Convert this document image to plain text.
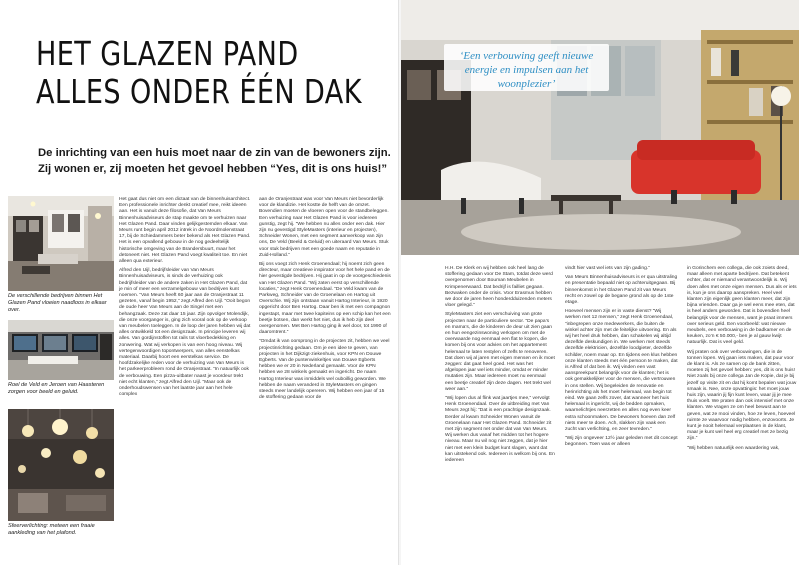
HET GLAZEN PAND
ALLES ONDER ÉÉN DAK

De inrichting van een huis moet naar de zin van de bewoners zijn. Zij wonen er, zij moeten het gevoel hebben “Yes, dit is ons huis!”

De verschillende bedrijven binnen Het Glazen Pand vloeien naadloos in elkaar over.
Roel de Veld en Jeroen van Haasteren zorgen voor beeld en geluid.
Sfeerverlichting: meteen een fraaie aankleding van het plafond.

Het gaat dus niet om een dictaat van de binnenhuisarchitect. Een professionele inrichter denkt creatief mee, reikt ideeën aan. Het is vanuit deze filosofie, dat Van Meurs Binnenhuisadviseurs de stap maakte om te verhuizen naar Het Glazen Pand. Daar vinden gelijkgestemden elkaar. Van Meurs runt begin april 2012 intrek in de Noordmolenstraat 17, bij de Schiedammers beter bekend als Het Glazen Pand. Het is een opvallend gebouw in de nog gedeeltelijk historische omgeving van de Brandersbuurt, maar het detoneert niet. Het Glazen Pand voegt kwaliteit toe. En niet alleen qua exterieur.

Alfred den Uijl, bedrijfsleider van Van Meurs Binnenhuisadviseurs, is sinds de verhuizing ook bedrijfsleider van de andere zaken in Het Glazen Pand, dat je min of meer een verzamelgebouw van bedrijven kunt noemen. “Van Meurs heeft 60 jaar aan de Oranjestraat 11 gezeten, vanaf begin 1952,” zegt Alfred den Uijl. “Ooit begon de oude heer Van Meurs aan de Singel met een behangzaak. Deze zat daar 15 jaar. Zijn opvolger Molendijk, die onze voorganger is, ging zich vooral ook op de verkoop van meubelen toeleggen. In de loop der jaren hebben wij dat alles ontwikkeld tot een designzaak. In principe leveren wij alles. Van gordijnstoffen tot rails tot vloerbedekking en zonwering. Wat wij verkopen is van een hoog niveau. Wij vertegenwoordigen topontwerpers, van alles eenstelkas materiaal. Daarbij hoort een eerstelkas service. De hoofdzakelijke reden voor de verhuizing van Van Meurs is het parkeerprobleem rond de Oranjestraat. “In natuurlijk ook de verbouwing. Een pizza-uitbater naast je voordeur trekt niet echt klanten,” zegt Alfred den Uijl. “Maar ook de onderhoudswensen van het laatste jaar aan het hele complex

aan de Oranjestraat was voor Van Meurs niet bevorderlijk voor de klandizie. Het kostte de helft van de omzet. Bovendien moeten de vloeren open voor de standbeleggen. Een verhuizing naar Het Glazen Pand is voor iedereen gunstig, zegt hij. “We hebben nu alles onder een dak. Hier zijn nu gevestigd StyleMasters (interieur en projecten), Schneider Wonen, met een segment aanverkoop van zijn ons, De Veld (Beeld & Geluid) en uiteraard Van Meurs. Stuk voor stuk bedrijven met een goede naam en reputatie in Zuid-Holland.”

Bij ons voegt zich Henk Groenendaal; hij noemt zich geen directeur, maar creatieve inspirator voor het hele pand en de hier gevestigde bedrijven. Hij gaat in op de voorgeschiedenis van Het Glazen Pand. “Wij zaten eerst op verschillende locaties,” zegt Henk Groenendaal. “De Veld kwam van de Parkweg, Schneider van de Groenelaan en Hartog uit Overschie. Wij zijn ontstaan vanuit Hartog Interieur, in 1920 opgericht door Ben Hartog. Daar ben ik met een compagnon ingestapt, maar met twee kapiteins op een schip kan het een beetje botsen, dan werkt het niet, dus ik heb zijn deel overgenomen. Met Ben Hartog ging ik wel door, tot 1990 of daaromtrent.”

“Omdat ik van oorsprong in de projecten zit, hebben we veel projectinrichting gedaan. Om je een idee te geven, van projecten in het Dijkzigt-ziekenhuis, voor KPN en Douwe Egberts. Van de puntenwinkeltjes van Douwe Egberts hebben we er 20 in Nederland gemaakt. Voor de KPN hebben we 28 winkels gemaakt en ingericht. De naam Hartog Interieur was inmiddels wel ouboillig geworden. We hebben de naam veranderd in StyleMasters en gingen steeds meer landelijk opereren. Wij hebben een jaar of 15 de stoffering gedaan voor de

‘Een verbouwing geeft nieuwe energie en impulsen aan het woonplezier’

H.H. De Klerk en wij hebben ook heel lang de stoffering gedaan voor De Stam, totdat deze werd overgenomen door Bouman Meubelen in Krimpenerwaard. Dat bedrijf is failliet gegaan. Bezwaken onder de crisis. Voor Erasmus hebben we door de jaren heen honderdduizenden meters vloer gelegd.”

StyleMasters ziet een verschuiving van grote projecten naar de particuliere sector. “De papa’s en mama’s, die de kinderen de deur uit zien gaan en hun eengezinswoning verkopen om met de overwaarde nog eenmaal een flat te kopen, die komen bij ons voor advies om het appartement helemaal te laten restylen of zelfs te renoveren. Dat doen wij al jaren met eigen mensen en ik moet zeggen: dat gaat heel goed. Het was het afgelopen jaar wel iets minder, omdat er minder mutaties zijn. Maar iedereen moet nu eenmaal een beetje creatief zijn deze dagen. Het trekt wel weer aan.”

“Wij lopen dus al flink wat jaartjes mee,” vervolgt Henk Groenendaal. Over de uitbreiding met Van Meurs zegt hij: “Dat is een prachtige designzaak. Eerder al kwam Schneider Wonen vanuit de Groenelaan naar Het Glazen Pand. Schneider zit met zijn segment net onder dat van Van Meurs. Wij werken dus vanaf het midden tot het hogere niveau. Maar nu wil nog niet zeggen, dat je hier niet met een klein budget kunt slagen, want dat kan uitstekend ook. Iedereen is welkom bij ons. En iedereen

vindt hier vast wel iets van zijn gading.”

Van Meurs Binnenhuisadviseurs is er qua uitstraling en presentatie bepaald niet op achteruitgegaan. Bij binnenkomst in het Glazen Pand zit van Meurs recht en zowel op de begane grond als op de 1ste etage.

Hoeveel mensen zijn er in vaste dienst? “Wij werken met 12 mensen,” zegt Henk Groenendaal, “inbegrepen onze medewerkers, die buiten de winkel achter zijn met de feitelijke uitvoering. En als wij het heel druk hebben, dan schakelen wij altijd dezelfde deskundigen in. We werken met steeds dezelfde elektricien, dezelfde loodgieter, dezelfde schilder, noem maar op. En tijdens een klus hebben onze klanten steeds met één persoon te maken, dat is Alfred of dat ben ik. Wij vinden een vast aanspreekpunt belangrijk voor de klanten; het is ook gemakkelijker voor de mensen, die vertrouwen in ons stellen. Wij begeleiden de renovatie en herinrichting als het moet helemaal, van begin tot eind. We gaan zelfs zover, dat wanneer het huis helemaal is ingericht, wij de bedden opmaken, waarnelichtjes neerzetten en alles nog even keer extra schoonmaken. De bewoners hoeven dan zelf niets meer te doen. Ach, slakken zijn vaak een zucht van verlichting, en zeer tevreden.”

“Wij zijn ongeveer 12½ jaar geleden met dit concept begonnen. Toen was er alleen

in Gorinchem een collega, die ook zoiets deed, maar alleen met aparte bedrijven. Dat betekent echter, dat er niemand verantwoordelijk is. Wij doen alles met onze eigen mensen. Dus als er iets is, kun je ons daarop aanspreken. Heel veel klanten zijn eigenlijk geen klanten meer, dat zijn bijna vrienden. Daar ga je wel eens mee eten, dat is heel anders geworden. Dat is bovendien heel belangrijk voor de mensen, want je praat immers over serieus geld. Een voorbeeld: wat nieuwe meubels, een verbouwing in de badkamer en de keuken, zo’n € 50.000,- ben je al gauw kwijt natuurlijk. Dat is veel geld.

Wij praten ook over verbouwingen, die in de tonnen lopen. Wij gaan iets maken, dat puur voor de klant is. Als ze samen op de bank zitten, moeten zij het gevoel hebben: yes, dit is ons huis! Niet zoals bij onze collega Jan de Kopie, dat je bij jezelf op visite zit en dat hij komt bepalen wat jouw smaak is. Nee, onze opvattingis: het moet jouw huis zijn, waarin jij fijn kunt leven, waar jij je mee thuis voelt. We praten dan ook intensief met onze klanten. We vragen ze om heel bewust aan te geven, wat ze mooi vinden, hoe ze leven, hoeveel ruimte ze waarvoor nodig hebben, enzovoorts. Je kunt je nooit helemaal verplaatsen in de klant, maar je kunt wel heel erg creatief met ze bezig zijn.”

“Wij hebben natuurlijk een waardering vak,
